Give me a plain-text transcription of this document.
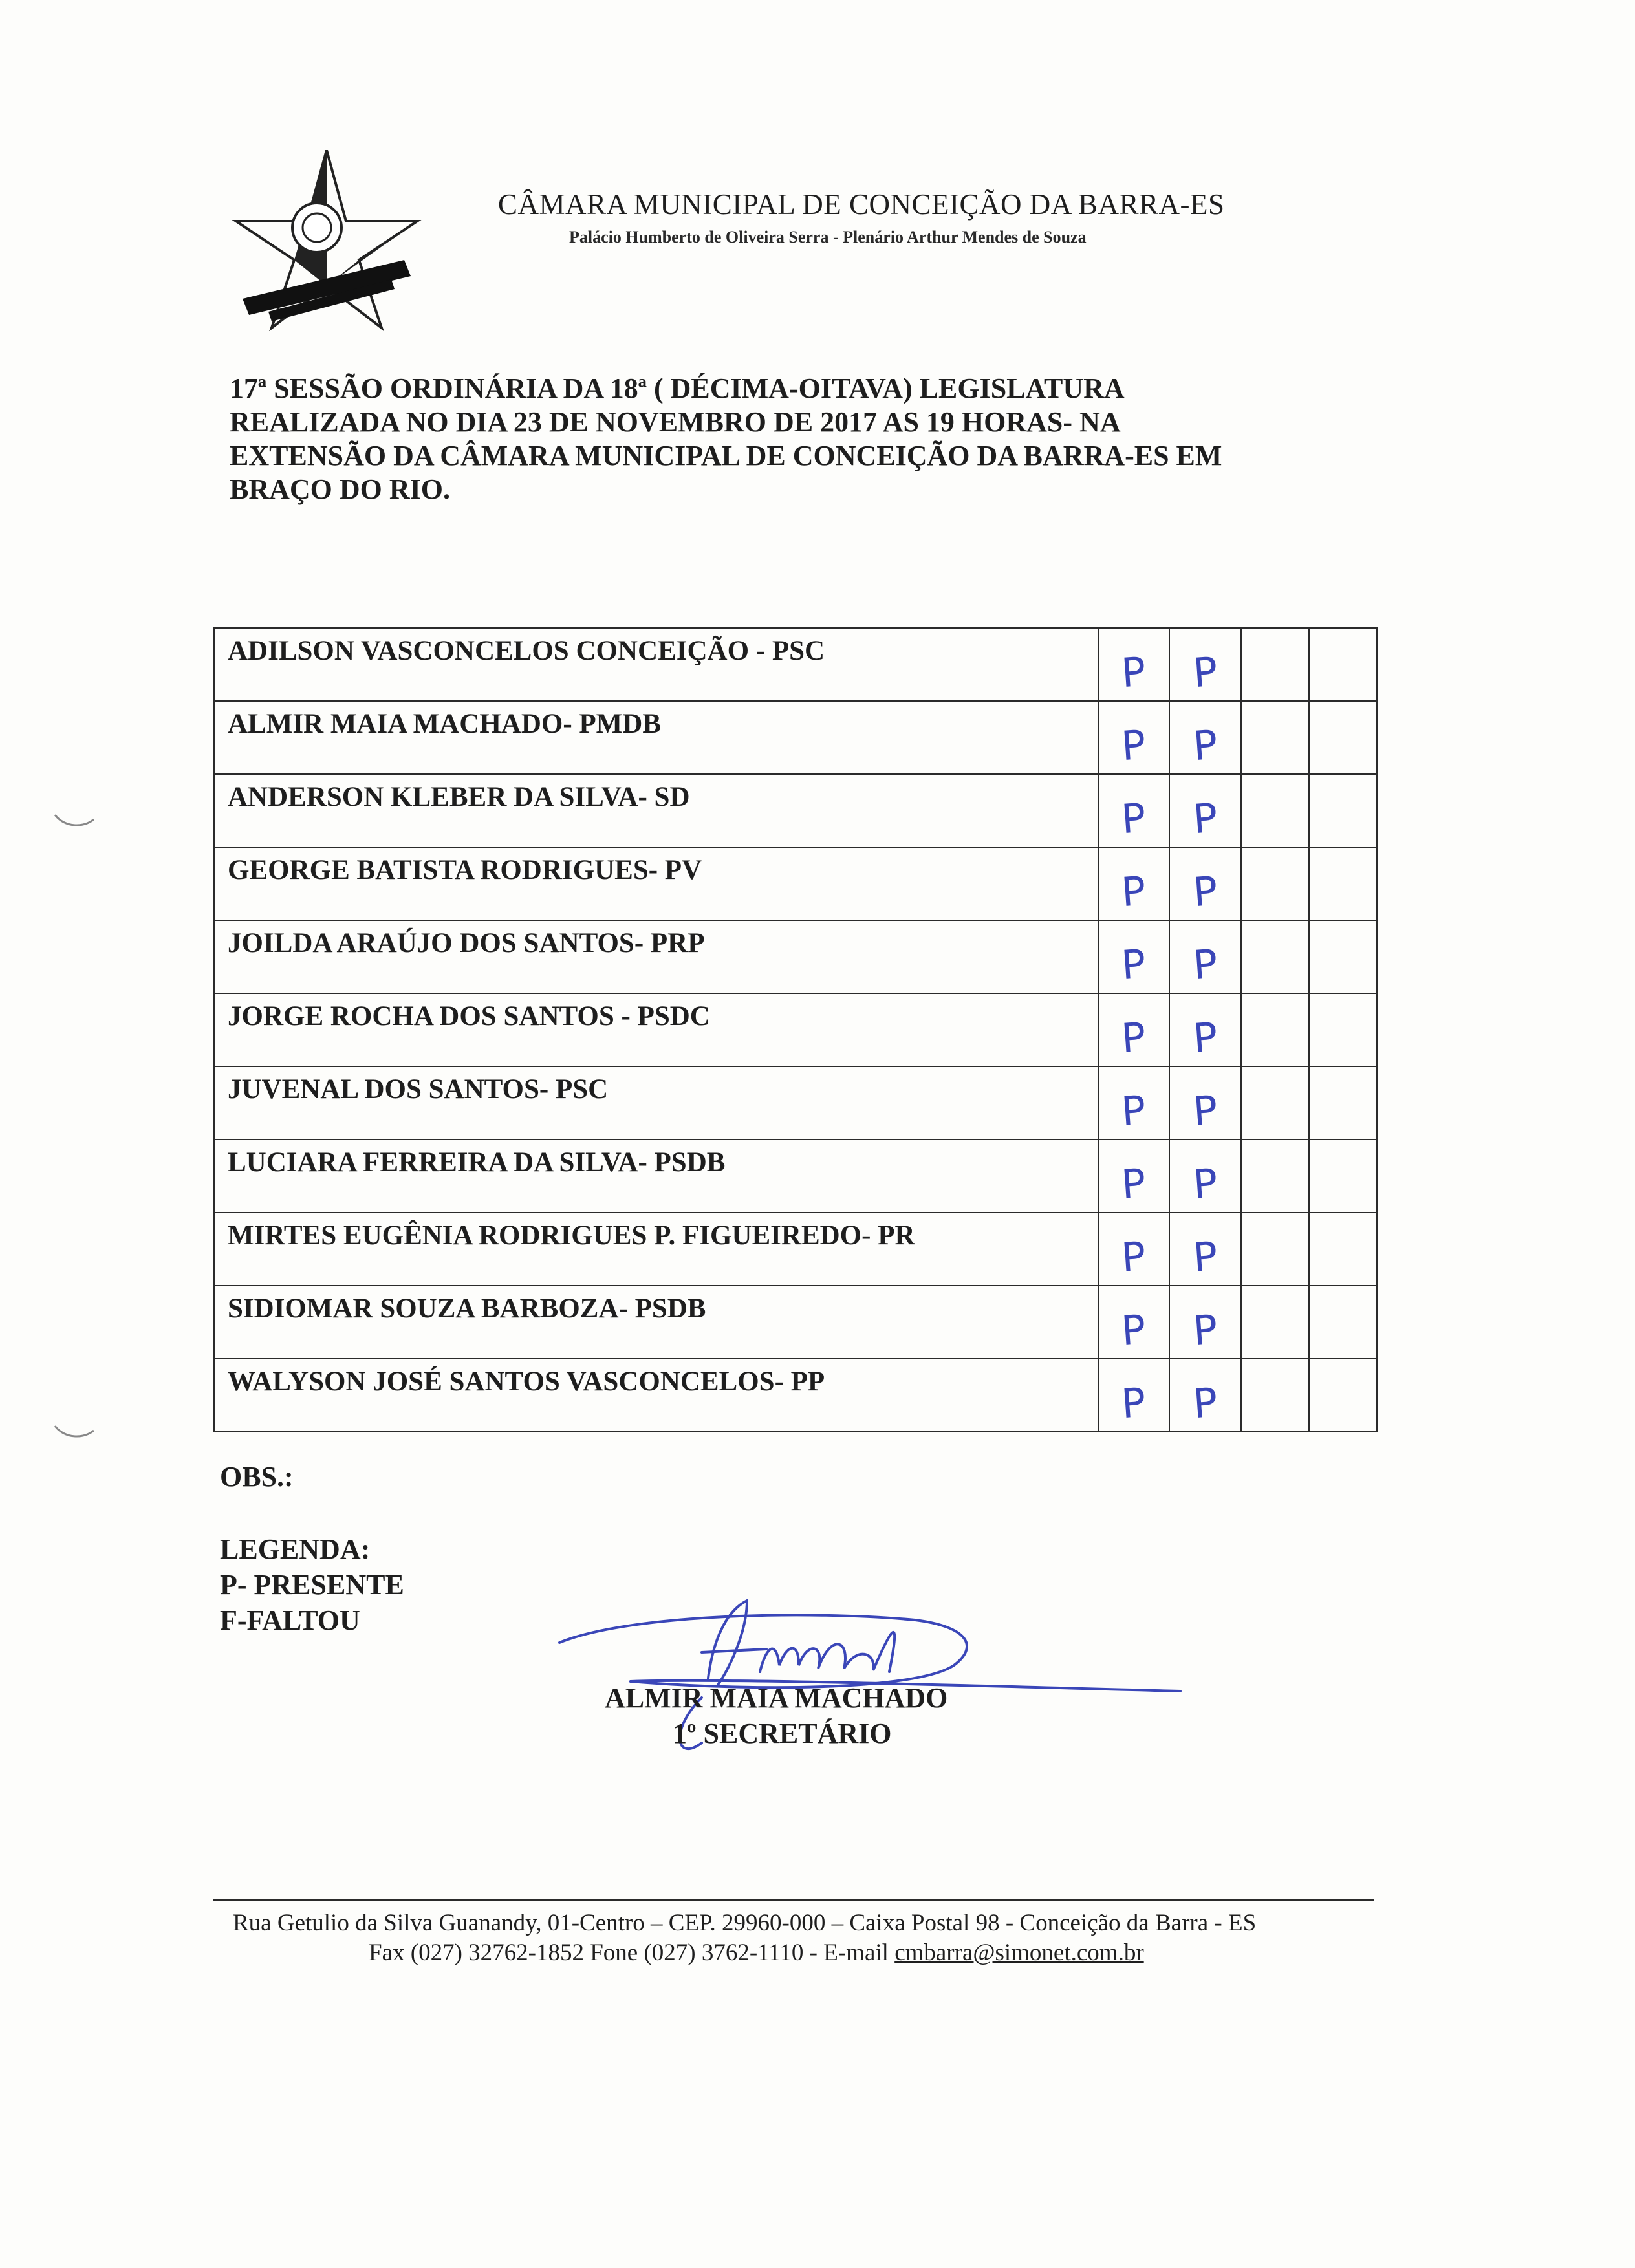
CÂMARA MUNICIPAL DE CONCEIÇÃO DA BARRA-ES
Palácio Humberto de Oliveira Serra - Plenário Arthur Mendes de Souza

17ª SESSÃO ORDINÁRIA DA 18ª ( DÉCIMA-OITAVA) LEGISLATURA

REALIZADA NO DIA 23 DE NOVEMBRO DE 2017 AS 19 HORAS- NA

EXTENSÃO DA CÂMARA MUNICIPAL DE CONCEIÇÃO DA BARRA-ES EM

BRAÇO DO RIO.

ADILSON VASCONCELOS CONCEIÇÃO - PSC	P	P		

ALMIR MAIA MACHADO- PMDB	P	P		

ANDERSON KLEBER DA SILVA- SD	P	P		

GEORGE BATISTA RODRIGUES- PV	P	P		

JOILDA ARAÚJO DOS SANTOS- PRP	P	P		

JORGE ROCHA DOS SANTOS - PSDC	P	P		

JUVENAL DOS SANTOS- PSC	P	P		

LUCIARA FERREIRA DA SILVA- PSDB	P	P		

MIRTES EUGÊNIA RODRIGUES P. FIGUEIREDO- PR	P	P		

SIDIOMAR SOUZA BARBOZA- PSDB	P	P		

WALYSON JOSÉ SANTOS VASCONCELOS- PP	P	P		
OBS.:
LEGENDA:
P- PRESENTE
F-FALTOU
ALMIR MAIA MACHADO
1º SECRETÁRIO
Rua Getulio da Silva Guanandy, 01-Centro – CEP. 29960-000 – Caixa Postal 98 - Conceição da Barra - ES
Fax (027) 32762-1852 Fone (027) 3762-1110 - E-mail cmbarra@simonet.com.br
